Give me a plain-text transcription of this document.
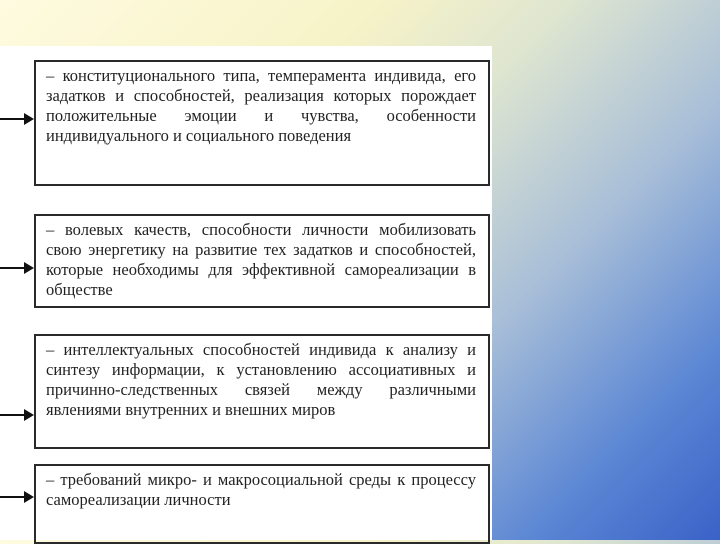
– конституционального типа, темперамента индивида, его задатков и способностей, реализация которых порождает положительные эмоции и чувства, особенности индивидуального и социального поведения
– волевых качеств, способности личности мобилизовать свою энергетику на развитие тех задатков и способностей, которые необходимы для эффективной самореализации в обществе
– интеллектуальных способностей индивида к анализу и синтезу информации, к установлению ассоциативных и причинно-следственных связей между различными явлениями внутренних и внешних миров
– требований микро- и макросоциальной среды к процессу самореализации личности
